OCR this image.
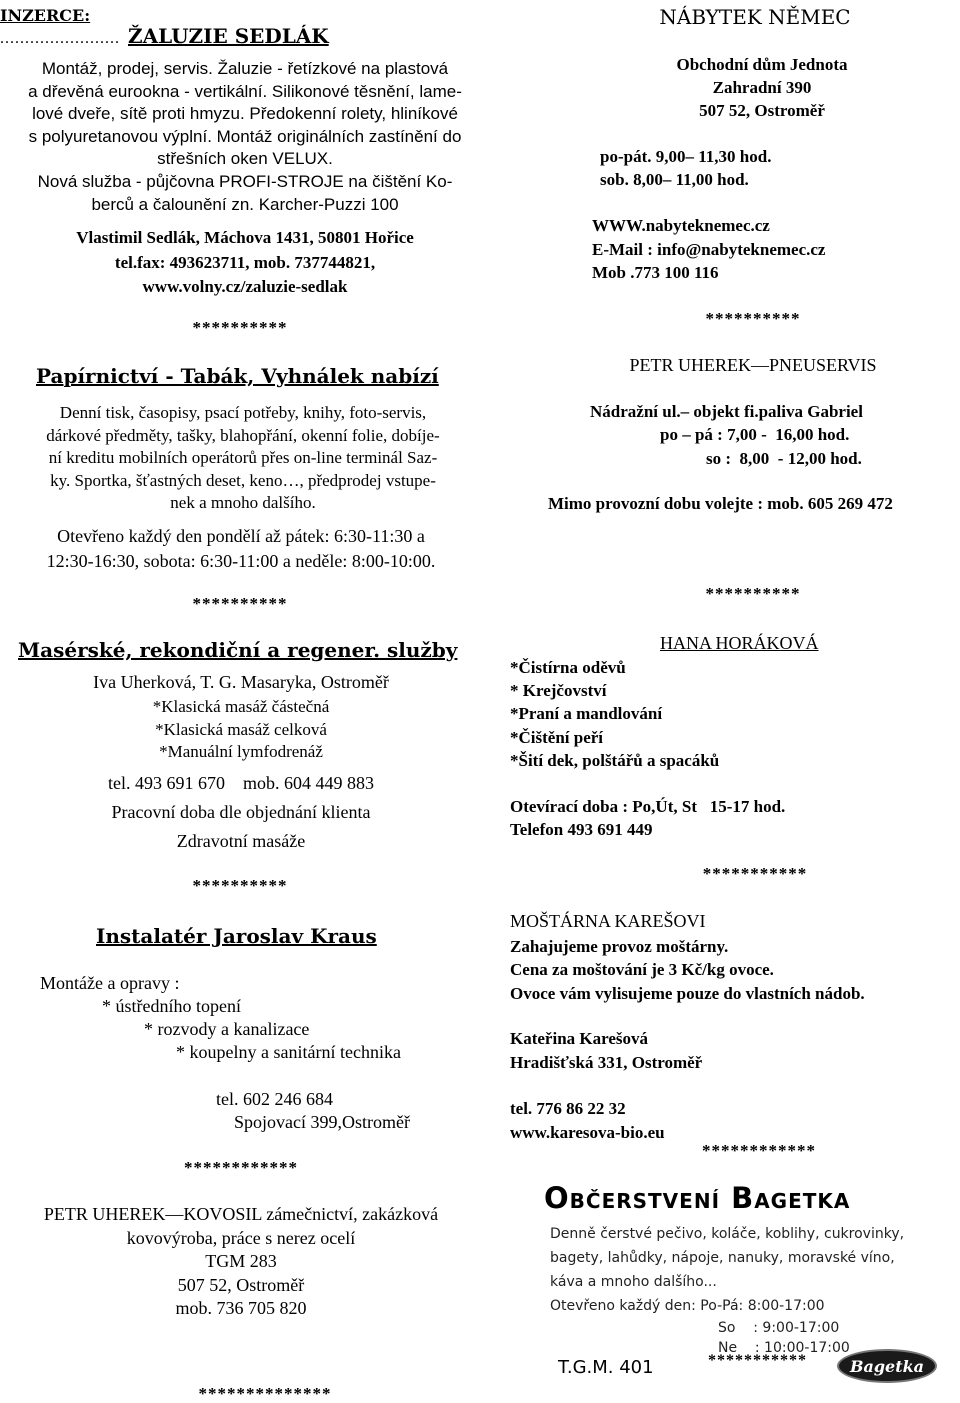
INZERCE:
........................ ŽALUZIE SEDLÁK

Montáž, prodej, servis. Žaluzie - řetízkové na plastová

a dřevěná eurookna - vertikální. Silikonové těsnění, lame-

lové dveře, sítě proti hmyzu. Předokenní rolety, hliníkové

s polyuretanovou výplní. Montáž originálních zastínění do

střešních oken VELUX.

Nová služba - půjčovna PROFI-STROJE na čištění Ko-

berců a čalounění zn. Karcher-Puzzi 100

Vlastimil Sedlák, Máchova 1431, 50801 Hořice

tel.fax: 493623711, mob. 737744821,

www.volny.cz/zaluzie-sedlak

**********
Papírnictví - Tabák, Vyhnálek nabízí

Denní tisk, časopisy, psací potřeby, knihy, foto-servis,

dárkové předměty, tašky, blahopřání, okenní folie, dobíje-

ní kreditu mobilních operátorů přes on-line terminál Saz-

ky. Sportka, šťastných deset, keno…, předprodej vstupe-

nek a mnoho dalšího.

Otevřeno každý den pondělí až pátek: 6:30-11:30 a

12:30-16:30, sobota: 6:30-11:00 a neděle: 8:00-10:00.

**********
Masérské, rekondiční a regener. služby
Iva Uherková, T. G. Masaryka, Ostroměř

*Klasická masáž částečná

*Klasická masáž celková

*Manuální lymfodrenáž

tel. 493 691 670    mob. 604 449 883
Pracovní doba dle objednání klienta
Zdravotní masáže
**********
Instalatér Jaroslav Kraus
Montáže a opravy :
* ústředního topení
* rozvody a kanalizace
* koupelny a sanitární technika
tel. 602 246 684
Spojovací 399,Ostroměř
************

PETR UHEREK—KOVOSIL zámečnictví, zakázková

kovovýroba, práce s nerez ocelí

TGM 283

507 52, Ostroměř

mob. 736 705 820

**************
NÁBYTEK NĚMEC

Obchodní dům Jednota

Zahradní 390

507 52, Ostroměř

po-pát. 9,00– 11,30 hod.
sob. 8,00– 11,00 hod.
WWW.nabyteknemec.cz
E-Mail : info@nabyteknemec.cz
Mob .773 100 116
**********
PETR UHEREK—PNEUSERVIS
Nádražní ul.– objekt fi.paliva Gabriel
po – pá : 7,00 -  16,00 hod.
so :  8,00  - 12,00 hod.
Mimo provozní dobu volejte : mob. 605 269 472
**********
HANA HORÁKOVÁ

*Čistírna oděvů

* Krejčovství

*Praní a mandlování

*Čištění peří

*Šití dek, polštářů a spacáků

Otevírací doba : Po,Út, St   15-17 hod.
Telefon 493 691 449
***********
MOŠTÁRNA KAREŠOVI

Zahajujeme provoz moštárny.

Cena za moštování je 3 Kč/kg ovoce.

Ovoce vám vylisujeme pouze do vlastních nádob.

Kateřina Karešová

Hradišťská 331, Ostroměř

tel. 776 86 22 32

www.karesova-bio.eu

************
Občerstvení Bagetka

Denně čerstvé pečivo, koláče, koblihy, cukrovinky,

bagety, lahůdky, nápoje, nanuky, moravské víno,

káva a mnoho dalšího...

Otevřeno každý den: Po-Pá: 8:00-17:00

So    : 9:00-17:00

Ne    : 10:00-17:00

T.G.M. 401	***********	Bagetka
